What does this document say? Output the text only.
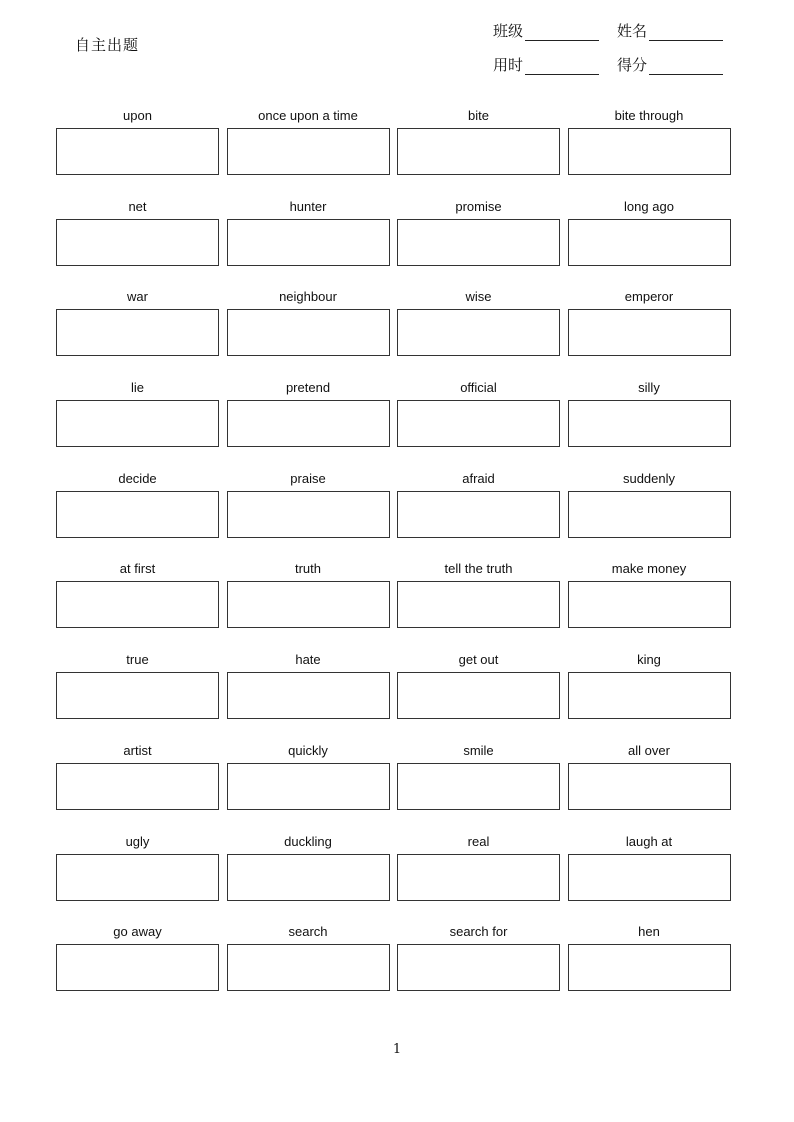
自主出题
班级	姓名
用时	得分
upon	once upon a time	bite	bite through
net	hunter	promise	long ago
war	neighbour	wise	emperor
lie	pretend	official	silly
decide	praise	afraid	suddenly
at first	truth	tell the truth	make money
true	hate	get out	king
artist	quickly	smile	all over
ugly	duckling	real	laugh at
go away	search	search for	hen
1
